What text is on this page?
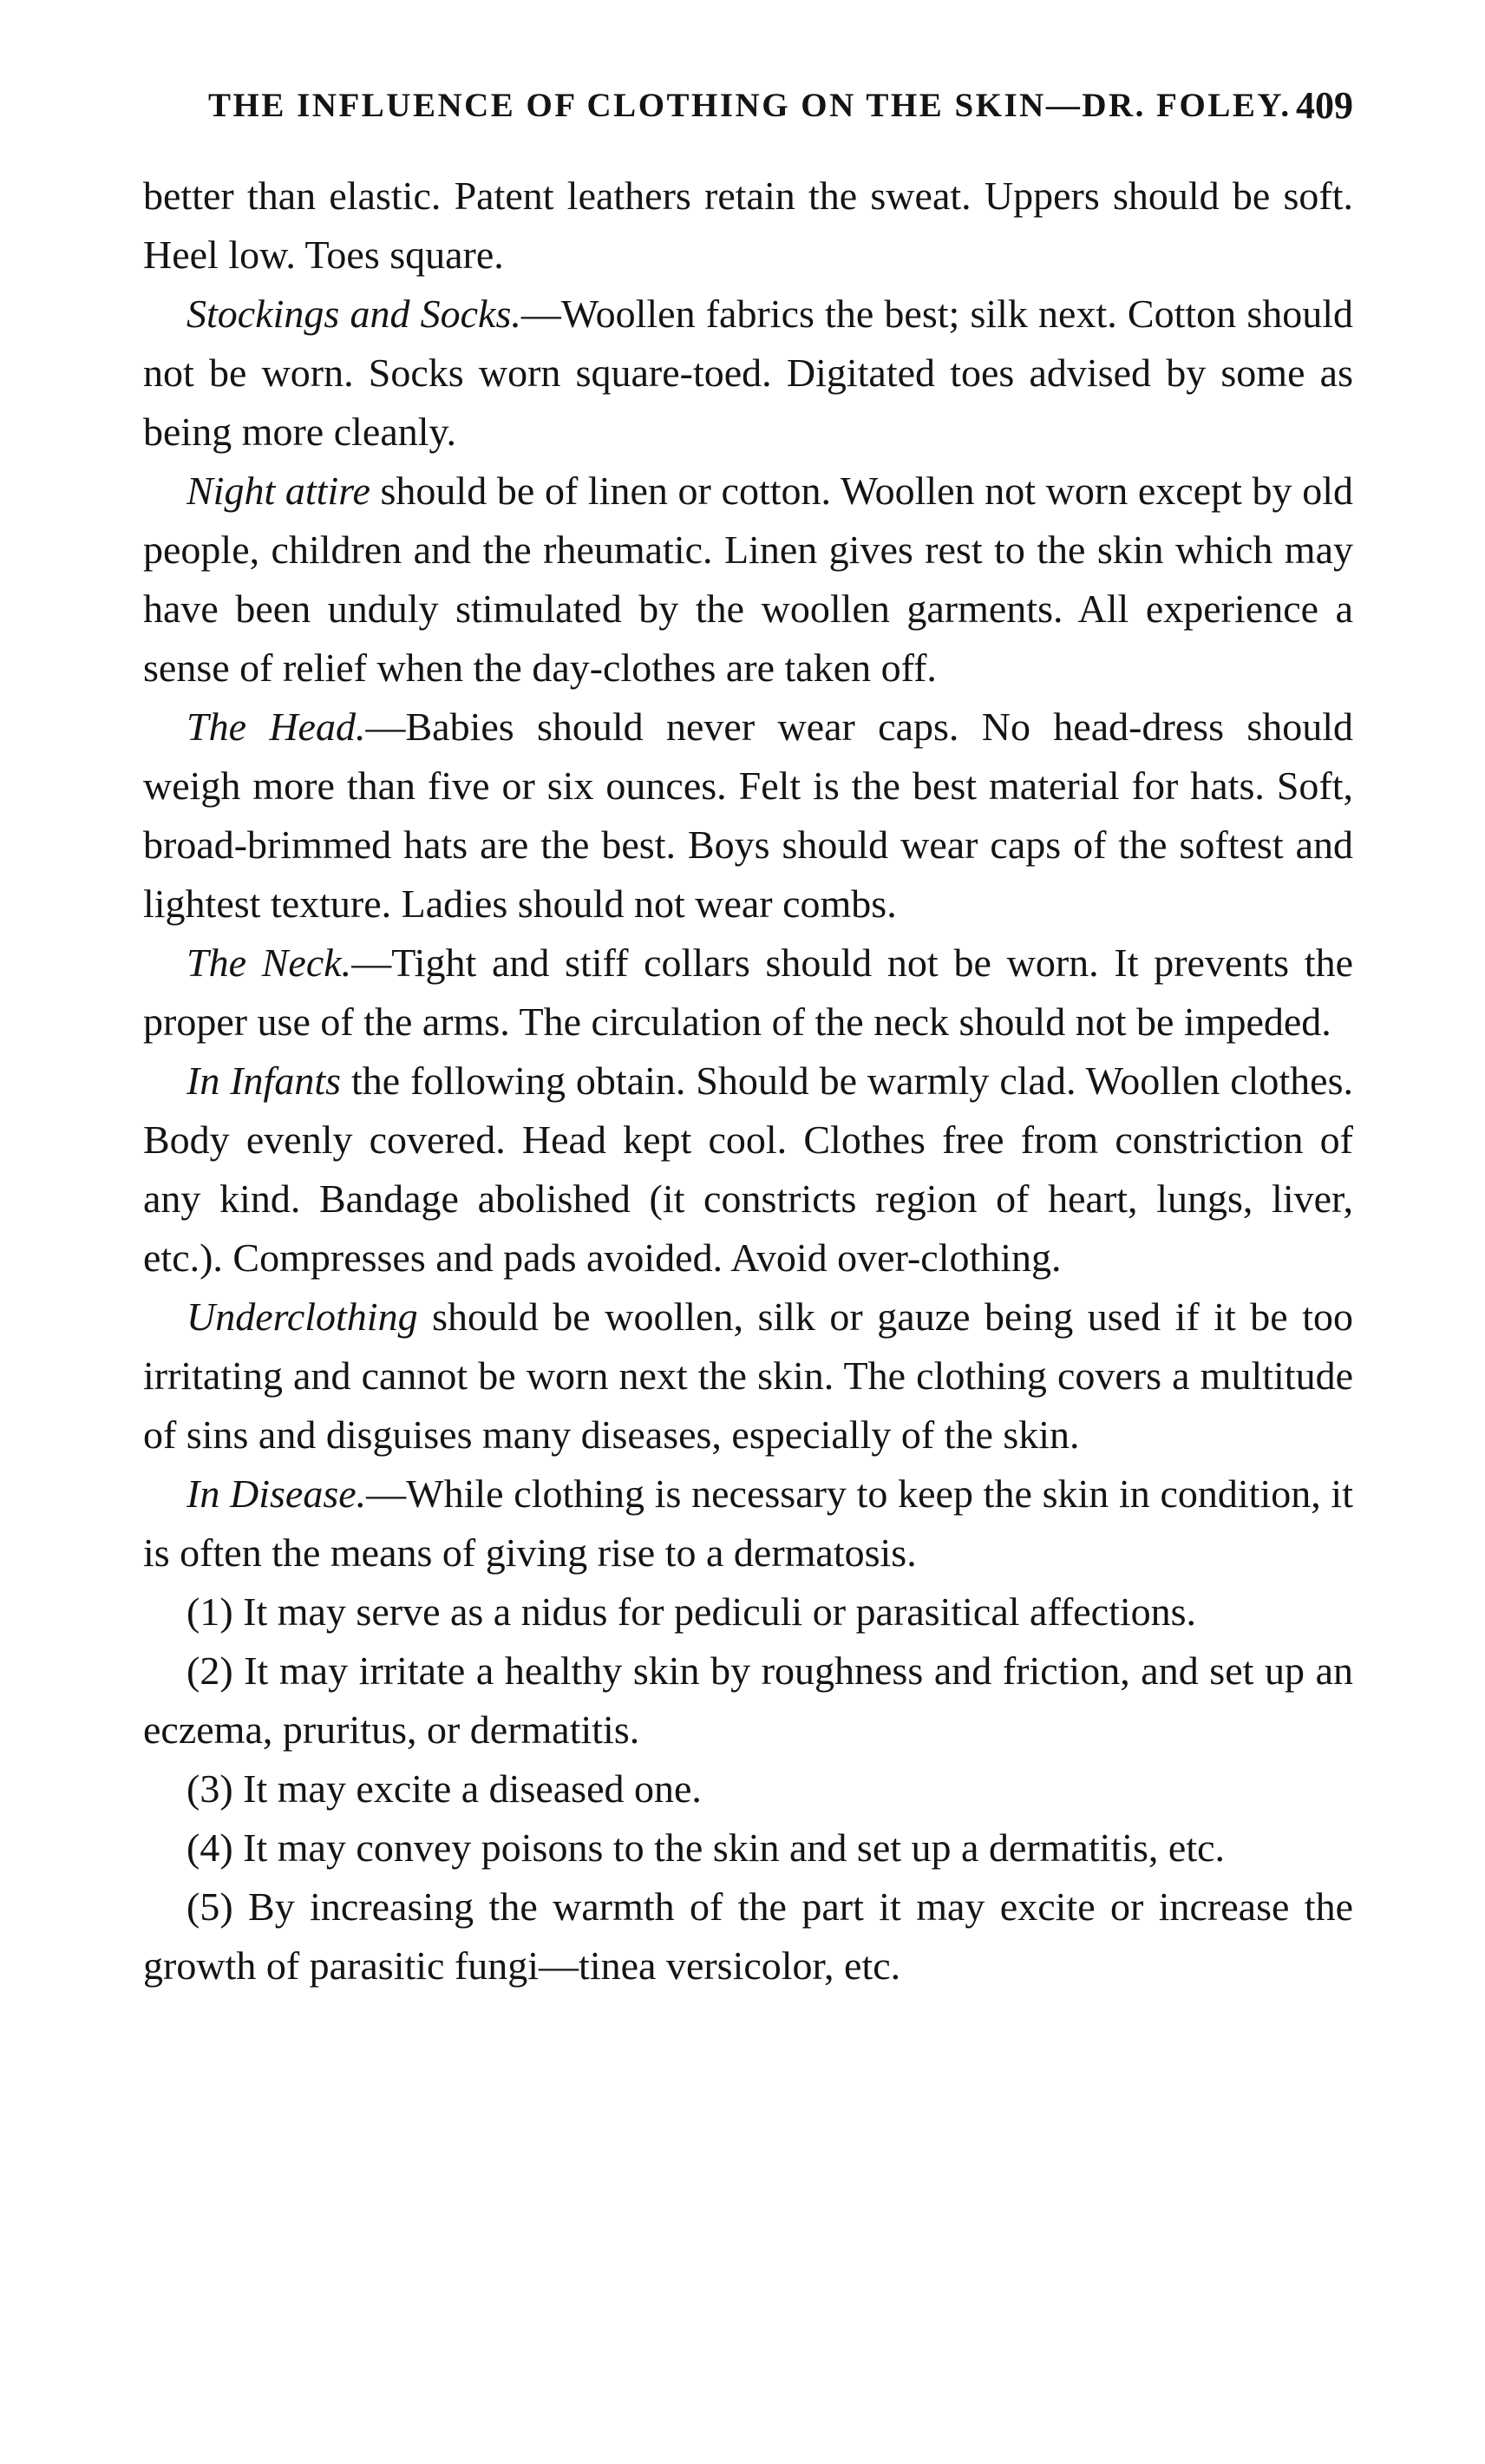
THE INFLUENCE OF CLOTHING ON THE SKIN—DR. FOLEY. 409

better than elastic. Patent leathers retain the sweat. Uppers should be soft. Heel low. Toes square.

Stockings and Socks.—Woollen fabrics the best; silk next. Cotton should not be worn. Socks worn square-toed. Digitated toes advised by some as being more cleanly.

Night attire should be of linen or cotton. Woollen not worn except by old people, children and the rheumatic. Linen gives rest to the skin which may have been unduly stimulated by the woollen garments. All experience a sense of relief when the day-clothes are taken off.

The Head.—Babies should never wear caps. No head-dress should weigh more than five or six ounces. Felt is the best material for hats. Soft, broad-brimmed hats are the best. Boys should wear caps of the softest and lightest texture. Ladies should not wear combs.

The Neck.—Tight and stiff collars should not be worn. It prevents the proper use of the arms. The circulation of the neck should not be impeded.

In Infants the following obtain. Should be warmly clad. Woollen clothes. Body evenly covered. Head kept cool. Clothes free from constriction of any kind. Bandage abolished (it constricts region of heart, lungs, liver, etc.). Compresses and pads avoided. Avoid over-clothing.

Underclothing should be woollen, silk or gauze being used if it be too irritating and cannot be worn next the skin. The clothing covers a multitude of sins and disguises many diseases, especially of the skin.

In Disease.—While clothing is necessary to keep the skin in condition, it is often the means of giving rise to a dermatosis.

(1) It may serve as a nidus for pediculi or parasitical affections.

(2) It may irritate a healthy skin by roughness and friction, and set up an eczema, pruritus, or dermatitis.

(3) It may excite a diseased one.

(4) It may convey poisons to the skin and set up a dermatitis, etc.

(5) By increasing the warmth of the part it may excite or increase the growth of parasitic fungi—tinea versicolor, etc.
